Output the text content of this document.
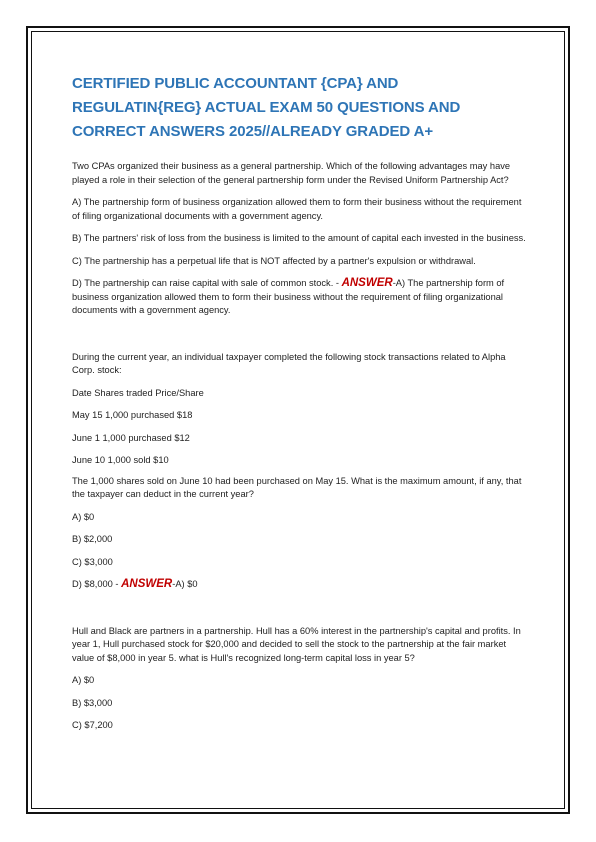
CERTIFIED PUBLIC ACCOUNTANT {CPA} AND REGULATIN{REG} ACTUAL EXAM 50 QUESTIONS AND CORRECT ANSWERS 2025//ALREADY GRADED A+

Two CPAs organized their business as a general partnership. Which of the following advantages may have played a role in their selection of the general partnership form under the Revised Uniform Partnership Act?

A) The partnership form of business organization allowed them to form their business without the requirement of filing organizational documents with a government agency.

B) The partners' risk of loss from the business is limited to the amount of capital each invested in the business.

C) The partnership has a perpetual life that is NOT affected by a partner's expulsion or withdrawal.

D) The partnership can raise capital with sale of common stock. - ANSWER-A) The partnership form of business organization allowed them to form their business without the requirement of filing organizational documents with a government agency.

During the current year, an individual taxpayer completed the following stock transactions related to Alpha Corp. stock:

Date Shares traded Price/Share

May 15 1,000 purchased $18

June 1 1,000 purchased $12

June 10 1,000 sold $10

The 1,000 shares sold on June 10 had been purchased on May 15. What is the maximum amount, if any, that the taxpayer can deduct in the current year?

A) $0

B) $2,000

C) $3,000

D) $8,000 - ANSWER-A) $0

Hull and Black are partners in a partnership. Hull has a 60% interest in the partnership's capital and profits. In year 1, Hull purchased stock for $20,000 and decided to sell the stock to the partnership at the fair market value of $8,000 in year 5. what is Hull's recognized long-term capital loss in year 5?

A) $0

B) $3,000

C) $7,200
